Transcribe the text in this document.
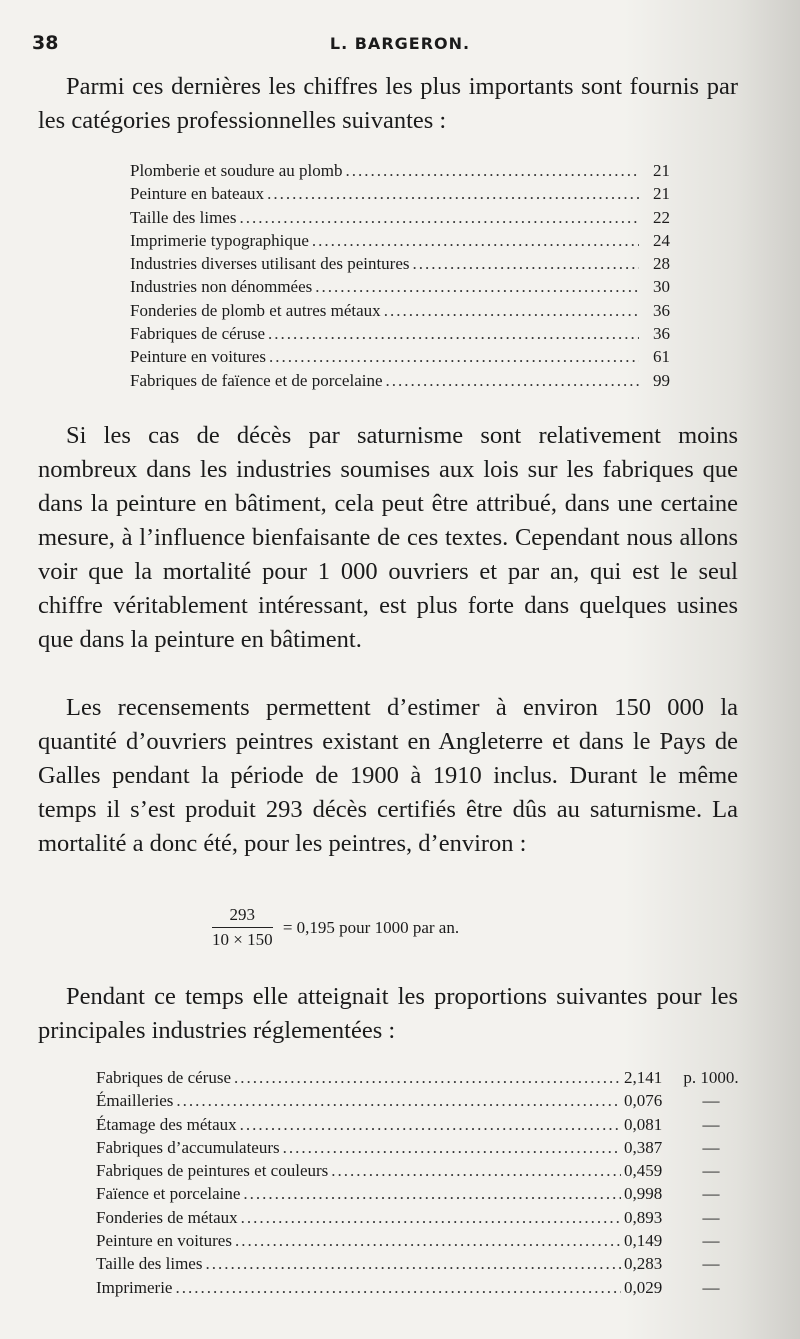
38	L. BARGERON.

Parmi ces dernières les chiffres les plus importants sont fournis par les catégories professionnelles suivantes :

Plomberie et soudure au plomb .....	21
Peinture en bateaux .....	21
Taille des limes .....	22
Imprimerie typographique .....	24
Industries diverses utilisant des peintures .....	28
Industries non dénommées .....	30
Fonderies de plomb et autres métaux .....	36
Fabriques de céruse .....	36
Peinture en voitures .....	61
Fabriques de faïence et de porcelaine .....	99

Si les cas de décès par saturnisme sont relativement moins nombreux dans les industries soumises aux lois sur les fabriques que dans la peinture en bâtiment, cela peut être attribué, dans une certaine mesure, à l’influence bienfaisante de ces textes. Cependant nous allons voir que la mortalité pour 1 000 ouvriers et par an, qui est le seul chiffre véritablement intéressant, est plus forte dans quelques usines que dans la peinture en bâtiment.

Les recensements permettent d’estimer à environ 150 000 la quantité d’ouvriers peintres existant en Angleterre et dans le Pays de Galles pendant la période de 1900 à 1910 inclus. Durant le même temps il s’est produit 293 décès certifiés être dûs au saturnisme. La mortalité a donc été, pour les peintres, d’environ :

$\frac{293}{10 \times 150} = 0,195$ pour 1000 par an.

Pendant ce temps elle atteignait les proportions suivantes pour les principales industries réglementées :

Fabriques de céruse .....	2,141	p. 1000.
Émailleries .....	0,076	—
Étamage des métaux .....	0,081	—
Fabriques d’accumulateurs .....	0,387	—
Fabriques de peintures et couleurs .....	0,459	—
Faïence et porcelaine .....	0,998	—
Fonderies de métaux .....	0,893	—
Peinture en voitures .....	0,149	—
Taille des limes .....	0,283	—
Imprimerie .....	0,029	—
